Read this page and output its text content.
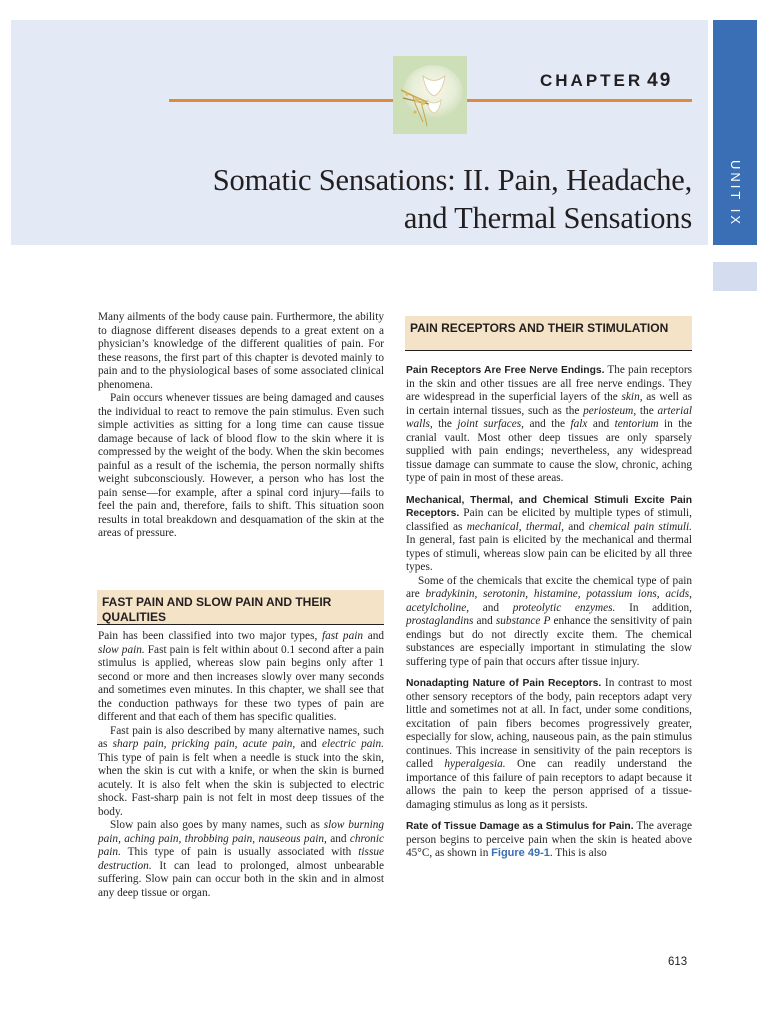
UNIT IX
CHAPTER 49
Somatic Sensations: II. Pain, Headache,
and Thermal Sensations

Many ailments of the body cause pain. Furthermore, the ability to diagnose different diseases depends to a great extent on a physician’s knowledge of the different qualities of pain. For these reasons, the first part of this chapter is devoted mainly to pain and to the physiological bases of some associated clinical phenomena.

Pain occurs whenever tissues are being damaged and causes the individual to react to remove the pain stimulus. Even such simple activities as sitting for a long time can cause tissue damage because of lack of blood flow to the skin where it is compressed by the weight of the body. When the skin becomes painful as a result of the ischemia, the person normally shifts weight subconsciously. However, a person who has lost the pain sense—for example, after a spinal cord injury—fails to feel the pain and, therefore, fails to shift. This situation soon results in total breakdown and desquamation of the skin at the areas of pressure.

FAST PAIN AND SLOW PAIN AND THEIR QUALITIES

Pain has been classified into two major types, fast pain and slow pain. Fast pain is felt within about 0.1 second after a pain stimulus is applied, whereas slow pain begins only after 1 second or more and then increases slowly over many seconds and sometimes even minutes. In this chapter, we shall see that the conduction pathways for these two types of pain are different and that each of them has specific qualities.

Fast pain is also described by many alternative names, such as sharp pain, pricking pain, acute pain, and electric pain. This type of pain is felt when a needle is stuck into the skin, when the skin is cut with a knife, or when the skin is burned acutely. It is also felt when the skin is subjected to electric shock. Fast-sharp pain is not felt in most deep tissues of the body.

Slow pain also goes by many names, such as slow burning pain, aching pain, throbbing pain, nauseous pain, and chronic pain. This type of pain is usually associated with tissue destruction. It can lead to prolonged, almost unbearable suffering. Slow pain can occur both in the skin and in almost any deep tissue or organ.

PAIN RECEPTORS AND THEIR STIMULATION

Pain Receptors Are Free Nerve Endings. The pain receptors in the skin and other tissues are all free nerve endings. They are widespread in the superficial layers of the skin, as well as in certain internal tissues, such as the periosteum, the arterial walls, the joint surfaces, and the falx and tentorium in the cranial vault. Most other deep tissues are only sparsely supplied with pain endings; nevertheless, any widespread tissue damage can summate to cause the slow, chronic, aching type of pain in most of these areas.

Mechanical, Thermal, and Chemical Stimuli Excite Pain Receptors. Pain can be elicited by multiple types of stimuli, classified as mechanical, thermal, and chemical pain stimuli. In general, fast pain is elicited by the mechanical and thermal types of stimuli, whereas slow pain can be elicited by all three types.

Some of the chemicals that excite the chemical type of pain are bradykinin, serotonin, histamine, potassium ions, acids, acetylcholine, and proteolytic enzymes. In addition, prostaglandins and substance P enhance the sensitivity of pain endings but do not directly excite them. The chemical substances are especially important in stimulating the slow suffering type of pain that occurs after tissue injury.

Nonadapting Nature of Pain Receptors. In contrast to most other sensory receptors of the body, pain receptors adapt very little and sometimes not at all. In fact, under some conditions, excitation of pain fibers becomes progressively greater, especially for slow, aching, nauseous pain, as the pain stimulus continues. This increase in sensitivity of the pain receptors is called hyperalgesia. One can readily understand the importance of this failure of pain receptors to adapt because it allows the pain to keep the person apprised of a tissue-damaging stimulus as long as it persists.

Rate of Tissue Damage as a Stimulus for Pain. The average person begins to perceive pain when the skin is heated above 45°C, as shown in Figure 49-1. This is also

613
